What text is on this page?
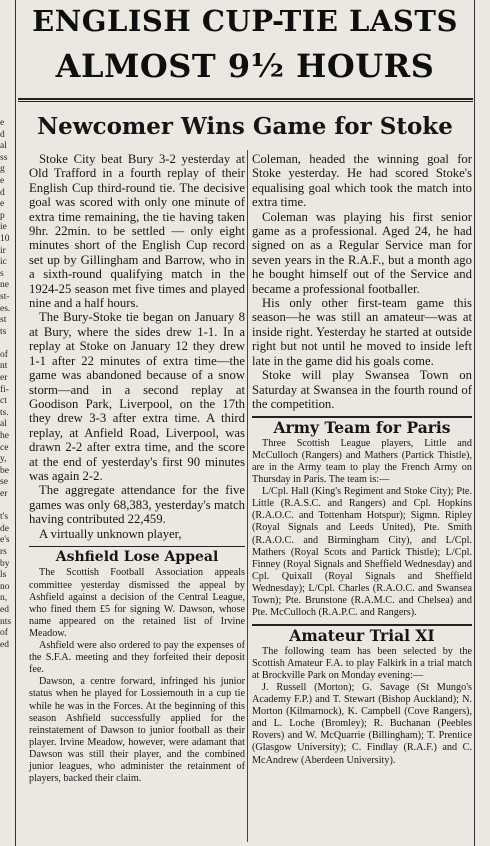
e
d
al
ss
g
e
d
e
p
ie
10
ir
ic
s
ne
st-
es.
st
ts

of
nt
er
fi-
ct
ts.
al
he
ce
y,
be
se
er

t's
de
e's
rs
by
ls
no
n,
ed
nts
of
ed
ENGLISH CUP-TIE LASTS
ALMOST 9½ HOURS
Newcomer Wins Game for Stoke

Stoke City beat Bury 3-2 yesterday at Old Trafford in a fourth replay of their English Cup third-round tie. The decisive goal was scored with only one minute of extra time remaining, the tie having taken 9hr. 22min. to be settled — only eight minutes short of the English Cup record set up by Gillingham and Barrow, who in a sixth-round qualifying match in the 1924-25 season met five times and played nine and a half hours.

The Bury-Stoke tie began on January 8 at Bury, where the sides drew 1-1. In a replay at Stoke on January 12 they drew 1-1 after 22 minutes of extra time—the game was abandoned because of a snow storm—and in a second replay at Goodison Park, Liverpool, on the 17th they drew 3-3 after extra time. A third replay, at Anfield Road, Liverpool, was drawn 2-2 after extra time, and the score at the end of yesterday's first 90 minutes was again 2-2.

The aggregate attendance for the five games was only 68,383, yesterday's match having contributed 22,459.

A virtually unknown player,

Ashfield Lose Appeal

The Scottish Football Association appeals committee yesterday dismissed the appeal by Ashfield against a decision of the Central League, who fined them £5 for signing W. Dawson, whose name appeared on the retained list of Irvine Meadow.

Ashfield were also ordered to pay the expenses of the S.F.A. meeting and they forfeited their deposit fee.

Dawson, a centre forward, infringed his junior status when he played for Lossiemouth in a cup tie while he was in the Forces. At the beginning of this season Ashfield successfully applied for the reinstatement of Dawson to junior football as their player. Irvine Meadow, however, were adamant that Dawson was still their player, and the combined junior leagues, who administer the retainment of players, backed their claim.

Coleman, headed the winning goal for Stoke yesterday. He had scored Stoke's equalising goal which took the match into extra time.

Coleman was playing his first senior game as a professional. Aged 24, he had signed on as a Regular Service man for seven years in the R.A.F., but a month ago he bought himself out of the Service and became a professional footballer.

His only other first-team game this season—he was still an amateur—was at inside right. Yesterday he started at outside right but not until he moved to inside left late in the game did his goals come.

Stoke will play Swansea Town on Saturday at Swansea in the fourth round of the competition.

Army Team for Paris

Three Scottish League players, Little and McCulloch (Rangers) and Mathers (Partick Thistle), are in the Army team to play the French Army on Thursday in Paris. The team is:—

L/Cpl. Hall (King's Regiment and Stoke City); Pte. Little (R.A.S.C. and Rangers) and Cpl. Hopkins (R.A.O.C. and Tottenham Hotspur); Sigmn. Ripley (Royal Signals and Leeds United), Pte. Smith (R.A.O.C. and Birmingham City), and L/Cpl. Mathers (Royal Scots and Partick Thistle); L/Cpl. Finney (Royal Signals and Sheffield Wednesday) and Cpl. Quixall (Royal Signals and Sheffield Wednesday); L/Cpl. Charles (R.A.O.C. and Swansea Town); Pte. Brunstone (R.A.M.C. and Chelsea) and Pte. McCulloch (R.A.P.C. and Rangers).

Amateur Trial XI

The following team has been selected by the Scottish Amateur F.A. to play Falkirk in a trial match at Brockville Park on Monday evening:—

J. Russell (Morton); G. Savage (St Mungo's Academy F.P.) and T. Stewart (Bishop Auckland); N. Morton (Kilmarnock), K. Campbell (Cove Rangers), and L. Loche (Bromley); R. Buchanan (Peebles Rovers) and W. McQuarrie (Billingham); T. Prentice (Glasgow University); C. Findlay (R.A.F.) and C. McAndrew (Aberdeen University).
